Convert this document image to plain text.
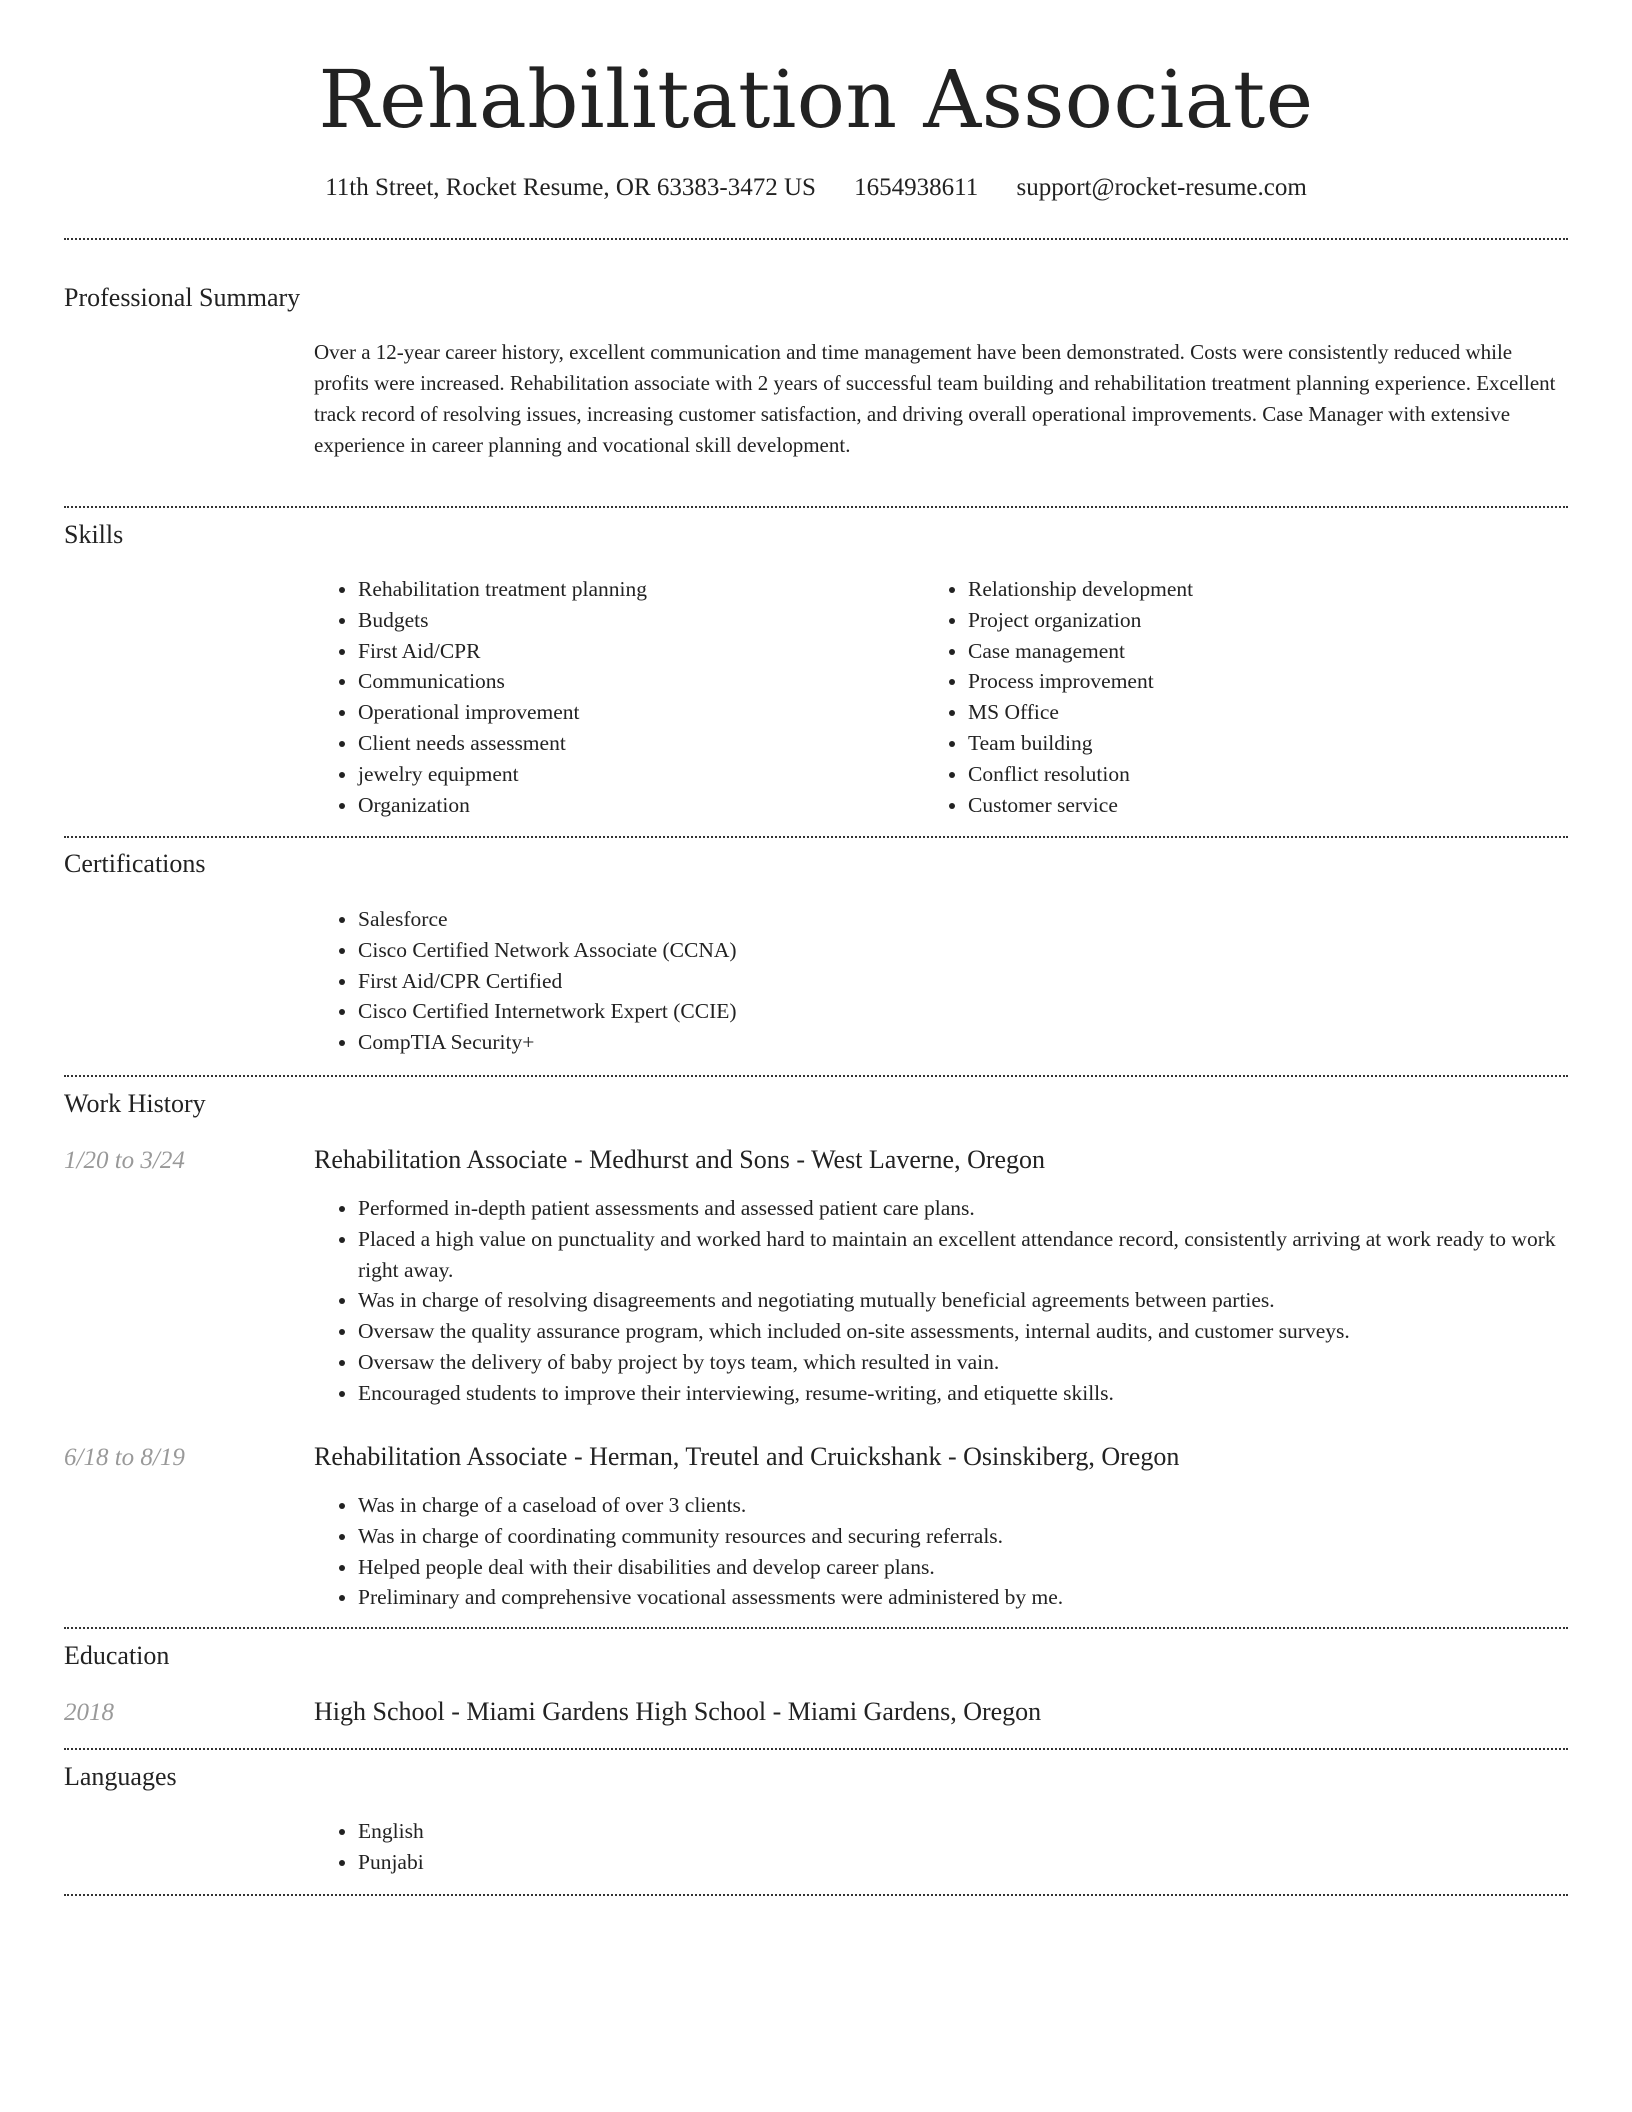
Rehabilitation Associate
11th Street, Rocket Resume, OR 63383-3472 US 1654938611 support@rocket-resume.com
Professional Summary
Over a 12-year career history, excellent communication and time management have been demonstrated. Costs were consistently reduced while profits were increased. Rehabilitation associate with 2 years of successful team building and rehabilitation treatment planning experience. Excellent track record of resolving issues, increasing customer satisfaction, and driving overall operational improvements. Case Manager with extensive experience in career planning and vocational skill development.
Skills
• Rehabilitation treatment planning
• Budgets
• First Aid/CPR
• Communications
• Operational improvement
• Client needs assessment
• jewelry equipment
• Organization
• Relationship development
• Project organization
• Case management
• Process improvement
• MS Office
• Team building
• Conflict resolution
• Customer service
Certifications
• Salesforce
• Cisco Certified Network Associate (CCNA)
• First Aid/CPR Certified
• Cisco Certified Internetwork Expert (CCIE)
• CompTIA Security+
Work History
1/20 to 3/24	Rehabilitation Associate - Medhurst and Sons - West Laverne, Oregon
• Performed in-depth patient assessments and assessed patient care plans.
• Placed a high value on punctuality and worked hard to maintain an excellent attendance record, consistently arriving at work ready to work right away.
• Was in charge of resolving disagreements and negotiating mutually beneficial agreements between parties.
• Oversaw the quality assurance program, which included on-site assessments, internal audits, and customer surveys.
• Oversaw the delivery of baby project by toys team, which resulted in vain.
• Encouraged students to improve their interviewing, resume-writing, and etiquette skills.
6/18 to 8/19	Rehabilitation Associate - Herman, Treutel and Cruickshank - Osinskiberg, Oregon
• Was in charge of a caseload of over 3 clients.
• Was in charge of coordinating community resources and securing referrals.
• Helped people deal with their disabilities and develop career plans.
• Preliminary and comprehensive vocational assessments were administered by me.
Education
2018	High School - Miami Gardens High School - Miami Gardens, Oregon
Languages
• English
• Punjabi
